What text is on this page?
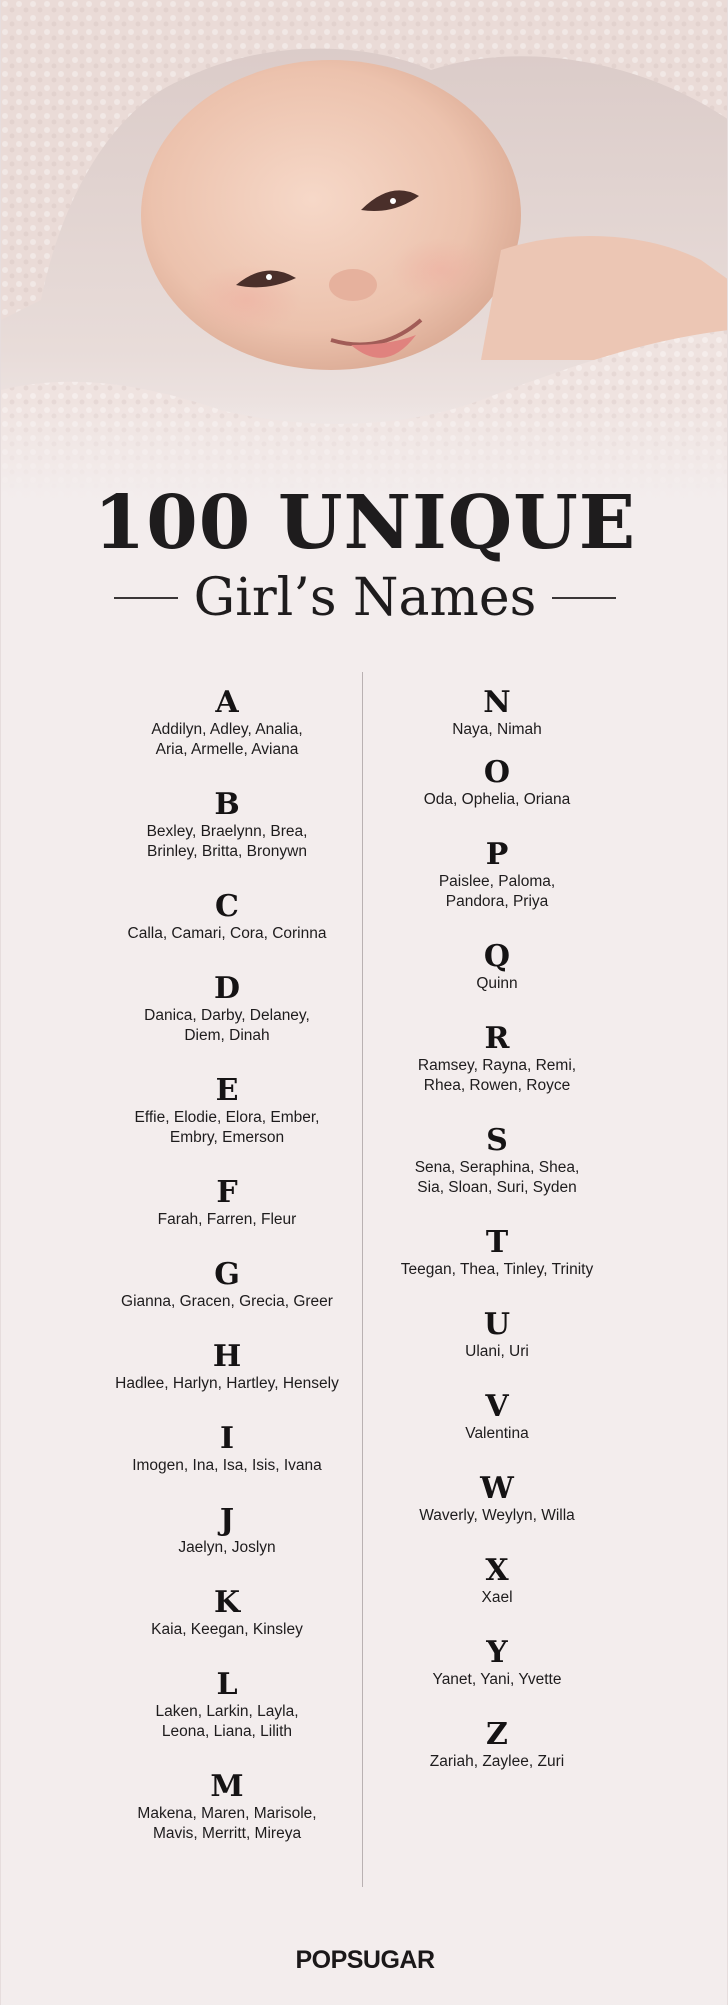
100 UNIQUE
Girl’s Names
A
Addilyn, Adley, Analia,
Aria, Armelle, Aviana
B
Bexley, Braelynn, Brea,
Brinley, Britta, Bronywn
C
Calla, Camari, Cora, Corinna
D
Danica, Darby, Delaney,
Diem, Dinah
E
Effie, Elodie, Elora, Ember,
Embry, Emerson
F
Farah, Farren, Fleur
G
Gianna, Gracen, Grecia, Greer
H
Hadlee, Harlyn, Hartley, Hensely
I
Imogen, Ina, Isa, Isis, Ivana
J
Jaelyn, Joslyn
K
Kaia, Keegan, Kinsley
L
Laken, Larkin, Layla,
Leona, Liana, Lilith
M
Makena, Maren, Marisole,
Mavis, Merritt, Mireya
N
Naya, Nimah
O
Oda, Ophelia, Oriana
P
Paislee, Paloma,
Pandora, Priya
Q
Quinn
R
Ramsey, Rayna, Remi,
Rhea, Rowen, Royce
S
Sena, Seraphina, Shea,
Sia, Sloan, Suri, Syden
T
Teegan, Thea, Tinley, Trinity
U
Ulani, Uri
V
Valentina
W
Waverly, Weylyn, Willa
X
Xael
Y
Yanet, Yani, Yvette
Z
Zariah, Zaylee, Zuri
POPSUGAR
